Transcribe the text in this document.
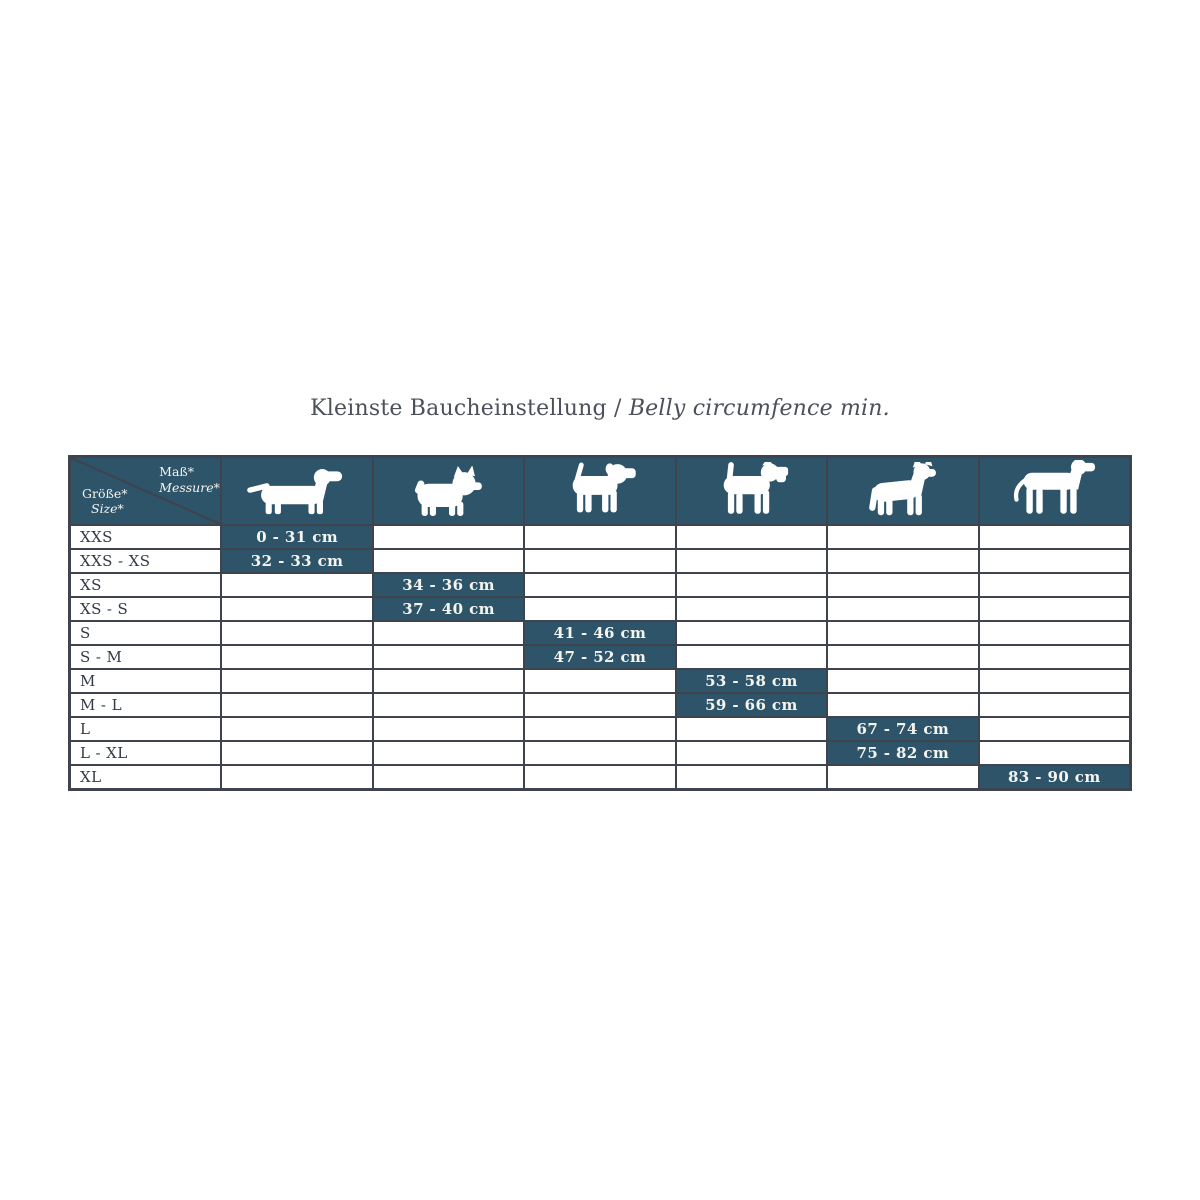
Kleinste Baucheinstellung / Belly circumfence min.
Maß*
Messure*
Größe*
Size*
XXS	0 - 31 cm
XXS - XS	32 - 33 cm
XS	34 - 36 cm
XS - S	37 - 40 cm
S	41 - 46 cm
S - M	47 - 52 cm
M	53 - 58 cm
M - L	59 - 66 cm
L	67 - 74 cm
L - XL	75 - 82 cm
XL	83 - 90 cm
